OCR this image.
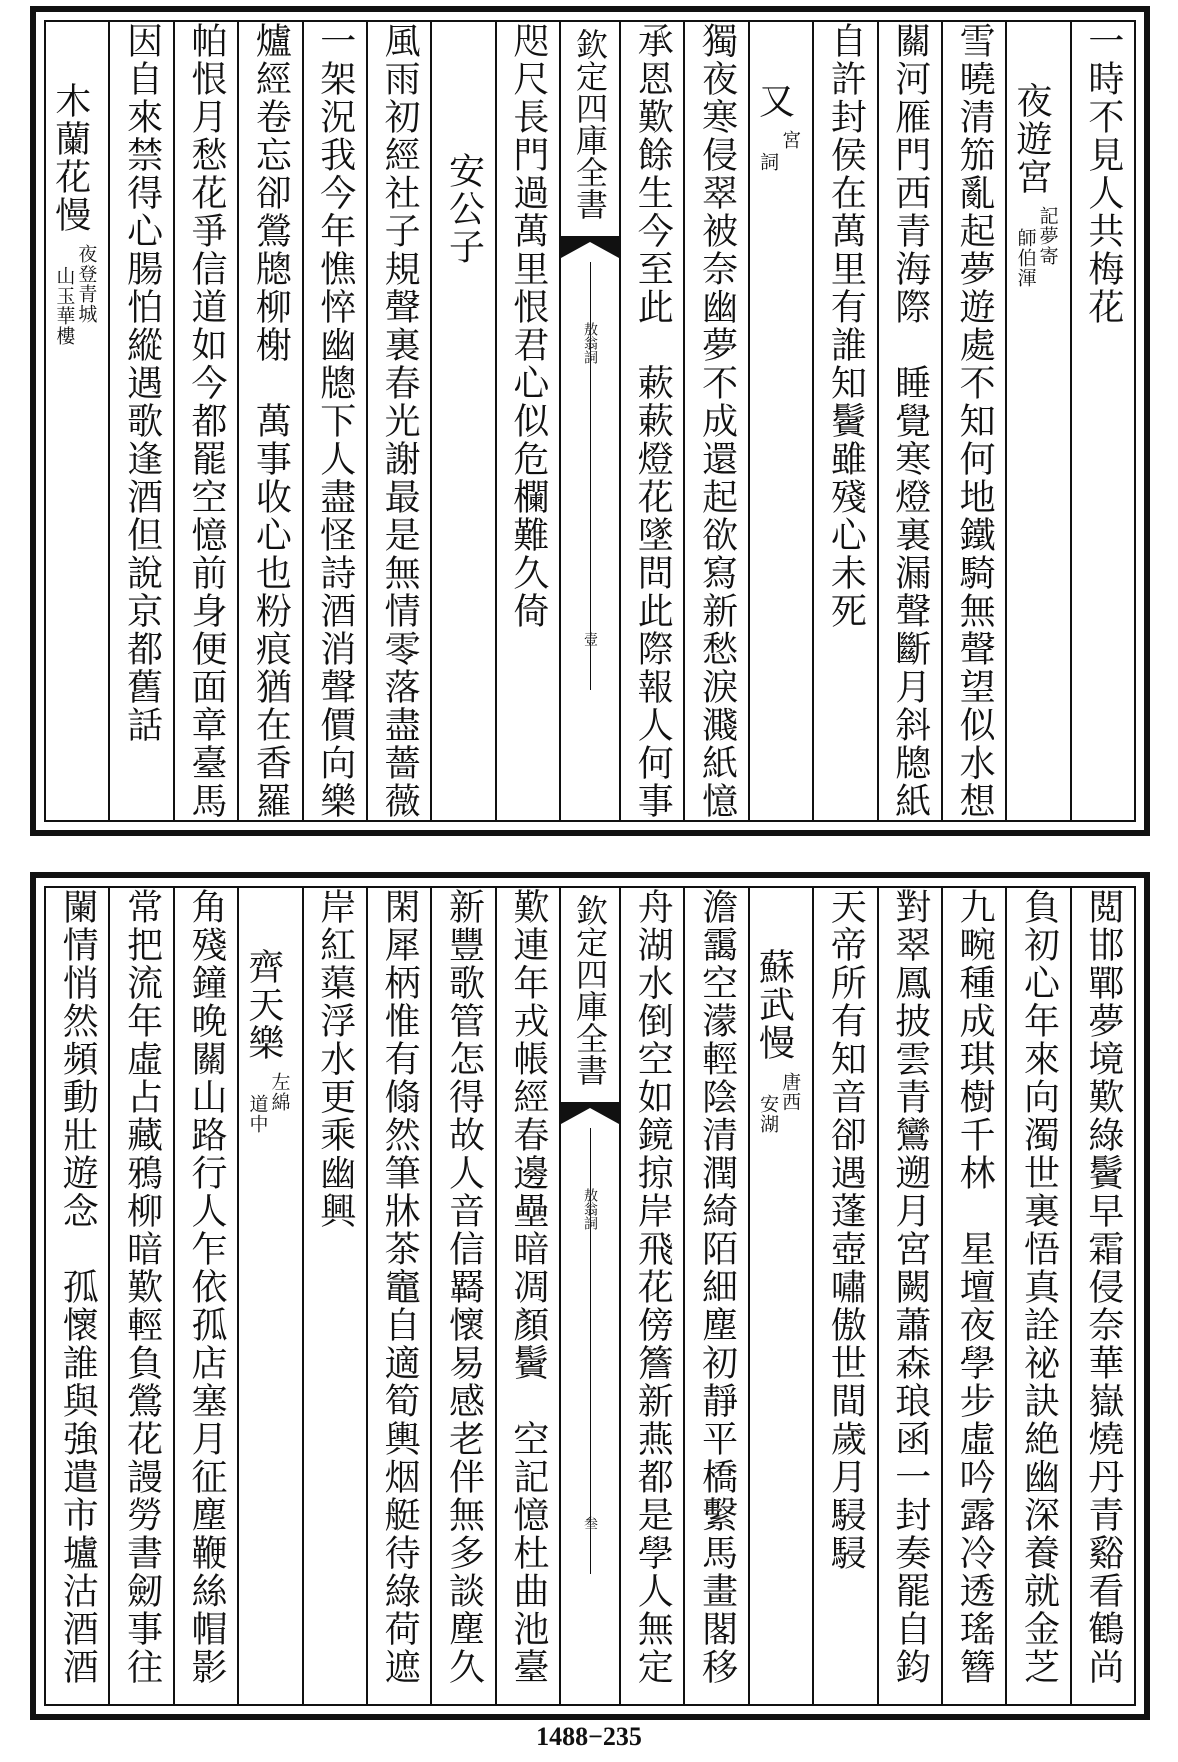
一時不見人共梅花
夜遊宮
記夢寄
師伯渾
雪曉清笳亂起夢遊處不知何地鐵騎無聲望似水想
關河雁門西青海際　睡覺寒燈裏漏聲斷月斜牕紙
自許封侯在萬里有誰知鬢雖殘心未死
又
宮
詞
獨夜寒侵翠被奈幽夢不成還起欲寫新愁淚濺紙憶
承恩歎餘生今至此　蔌蔌燈花墜問此際報人何事
欽定四庫全書
敖翁詞
壹
咫尺長門過萬里恨君心似危欄難久倚
安公子
風雨初經社子規聲裏春光謝最是無情零落盡薔薇
一架況我今年憔悴幽牕下人盡怪詩酒消聲價向樂
爐經卷忘卻鶯牕柳榭　萬事收心也粉痕猶在香羅
帕恨月愁花爭信道如今都罷空憶前身便面章臺馬
因自來禁得心腸怕縱遇歌逢酒但說京都舊話
木蘭花慢
夜登青城
山玉華樓
閲邯鄲夢境歎綠鬢早霜侵奈華嶽燒丹青谿看鶴尚
負初心年來向濁世裏悟真詮祕訣絶幽深養就金芝
九畹種成琪樹千林　星壇夜學步虛吟露冷透瑤簪
對翠鳳披雲青鸞遡月宮闕蕭森琅函一封奏罷自鈞
天帝所有知音卻遇蓬壺嘯傲世間歲月駸駸
蘇武慢
唐西
安湖
澹靄空濛輕陰清潤綺陌細塵初靜平橋繫馬畫閣移
舟湖水倒空如鏡掠岸飛花傍簷新燕都是學人無定
欽定四庫全書
敖翁詞
叁
歎連年戎帳經春邊壘暗凋顏鬢　空記憶杜曲池臺
新豐歌管怎得故人音信羇懷易感老伴無多談塵久
閑犀柄惟有翛然筆牀茶竈自適筍輿烟艇待綠荷遮
岸紅蕖浮水更乘幽興
齊天樂
左綿
道中
角殘鐘晚關山路行人乍依孤店塞月征塵鞭絲帽影
常把流年虛占藏鴉柳暗歎輕負鶯花謾勞書劒事往
闌情悄然頻動壯遊念　孤懷誰與強遣市壚沽酒酒
1488−235
